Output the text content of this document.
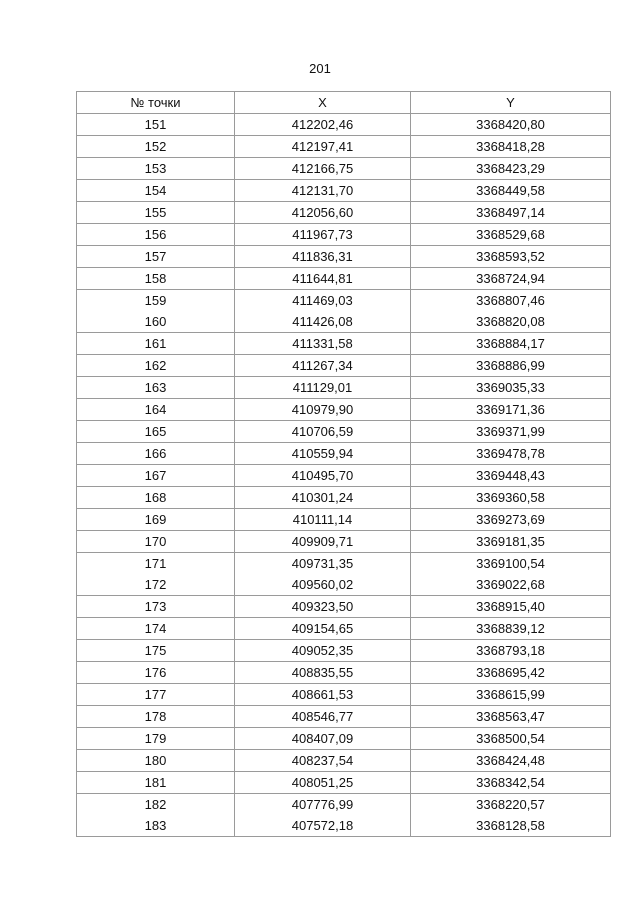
201
№ точки	X	Y
151	412202,46	3368420,80
152	412197,41	3368418,28
153	412166,75	3368423,29
154	412131,70	3368449,58
155	412056,60	3368497,14
156	411967,73	3368529,68
157	411836,31	3368593,52
158	411644,81	3368724,94
159	411469,03	3368807,46
160	411426,08	3368820,08
161	411331,58	3368884,17
162	411267,34	3368886,99
163	411129,01	3369035,33
164	410979,90	3369171,36
165	410706,59	3369371,99
166	410559,94	3369478,78
167	410495,70	3369448,43
168	410301,24	3369360,58
169	410111,14	3369273,69
170	409909,71	3369181,35
171	409731,35	3369100,54
172	409560,02	3369022,68
173	409323,50	3368915,40
174	409154,65	3368839,12
175	409052,35	3368793,18
176	408835,55	3368695,42
177	408661,53	3368615,99
178	408546,77	3368563,47
179	408407,09	3368500,54
180	408237,54	3368424,48
181	408051,25	3368342,54
182	407776,99	3368220,57
183	407572,18	3368128,58
